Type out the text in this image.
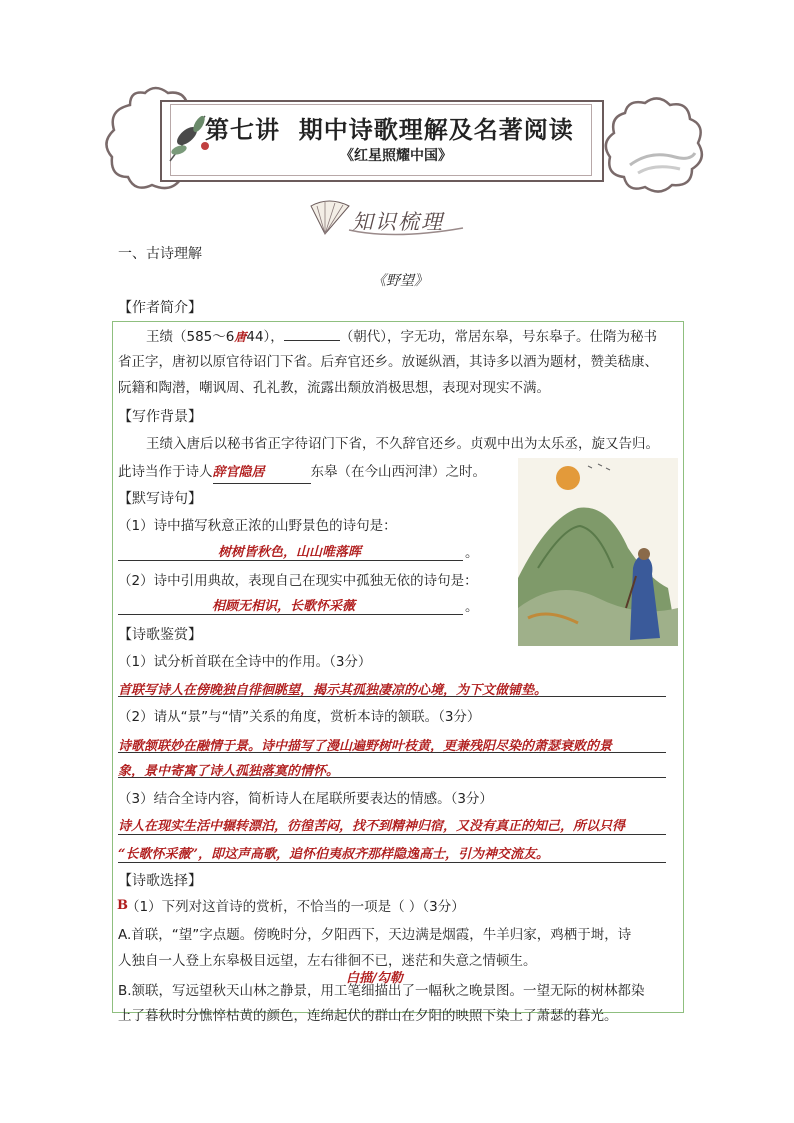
第七讲  期中诗歌理解及名著阅读
《红星照耀中国》
知识梳理
一、古诗理解
《野望》
【作者简介】
王绩（585～6唐44），	（朝代），字无功，常居东皋，号东皋子。仕隋为秘书
省正字，唐初以原官待诏门下省。后弃官还乡。放诞纵酒，其诗多以酒为题材，赞美嵇康、
阮籍和陶潜，嘲讽周、孔礼教，流露出颓放消极思想，表现对现实不满。
【写作背景】
王绩入唐后以秘书省正字待诏门下省，不久辞官还乡。贞观中出为太乐丞，旋又告归。
此诗当作于诗人辞官隐居	东皋（在今山西河津）之时。
【默写诗句】
（1）诗中描写秋意正浓的山野景色的诗句是：
树树皆秋色，山山唯落晖	。
（2）诗中引用典故，表现自己在现实中孤独无依的诗句是：
相顾无相识，长歌怀采薇	。
【诗歌鉴赏】
（1）试分析首联在全诗中的作用。（3分）
首联写诗人在傍晚独自徘徊眺望，揭示其孤独凄凉的心境，为下文做铺垫。
（2）请从“景”与“情”关系的角度，赏析本诗的颔联。（3分）
诗歌颔联妙在融情于景。诗中描写了漫山遍野树叶枝黄，更兼残阳尽染的萧瑟衰败的景
象，景中寄寓了诗人孤独落寞的情怀。
（3）结合全诗内容，简析诗人在尾联所要表达的情感。（3分）
诗人在现实生活中辗转漂泊，彷徨苦闷，找不到精神归宿，又没有真正的知己，所以只得
“长歌怀采薇”，即这声高歌，追怀伯夷叔齐那样隐逸高士，引为神交流友。
【诗歌选择】
B
（1）下列对这首诗的赏析，不恰当的一项是（ ）（3分）
A.首联，“望”字点题。傍晚时分，夕阳西下，天边满是烟霞，牛羊归家，鸡栖于埘，诗
人独自一人登上东皋极目远望，左右徘徊不已，迷茫和失意之情顿生。
白描/勾勒
B.颔联，写远望秋天山林之静景，用工笔细描出了一幅秋之晚景图。一望无际的树林都染
上了暮秋时分憔悴枯黄的颜色，连绵起伏的群山在夕阳的映照下染上了萧瑟的暮光。
